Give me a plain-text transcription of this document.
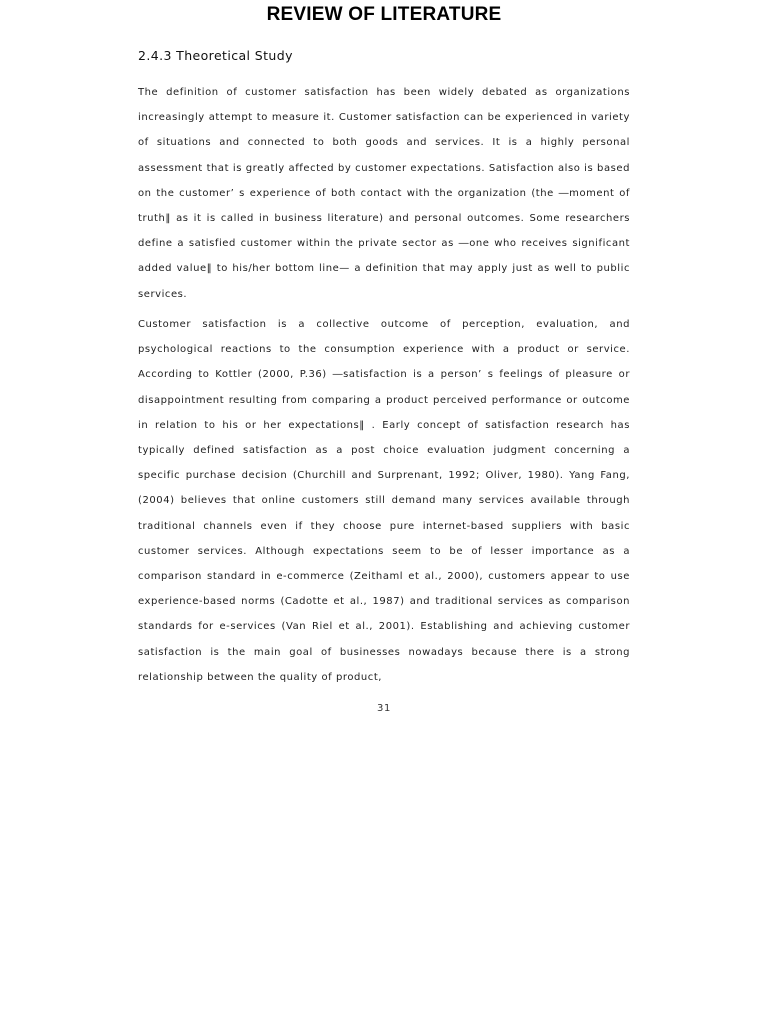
REVIEW OF LITERATURE
2.4.3 Theoretical Study

The definition of customer satisfaction has been widely debated as organizations increasingly attempt to measure it. Customer satisfaction can be experienced in variety of situations and connected to both goods and services. It is a highly personal assessment that is greatly affected by customer expectations. Satisfaction also is based on the customer’ s experience of both contact with the organization (the ―moment of truth‖ as it is called in business literature) and personal outcomes. Some researchers define a satisfied customer within the private sector as ―one who receives significant added value‖ to his/her bottom line— a definition that may apply just as well to public services.

Customer satisfaction is a collective outcome of perception, evaluation, and psychological reactions to the consumption experience with a product or service. According to Kottler (2000, P.36) ―satisfaction is a person’ s feelings of pleasure or disappointment resulting from comparing a product perceived performance or outcome in relation to his or her expectations‖ . Early concept of satisfaction research has typically defined satisfaction as a post choice evaluation judgment concerning a specific purchase decision (Churchill and Surprenant, 1992; Oliver, 1980). Yang Fang, (2004) believes that online customers still demand many services available through traditional channels even if they choose pure internet-based suppliers with basic customer services. Although expectations seem to be of lesser importance as a comparison standard in e-commerce (Zeithaml et al., 2000), customers appear to use experience-based norms (Cadotte et al., 1987) and traditional services as comparison standards for e-services (Van Riel et al., 2001). Establishing and achieving customer satisfaction is the main goal of businesses nowadays because there is a strong relationship between the quality of product,

31
